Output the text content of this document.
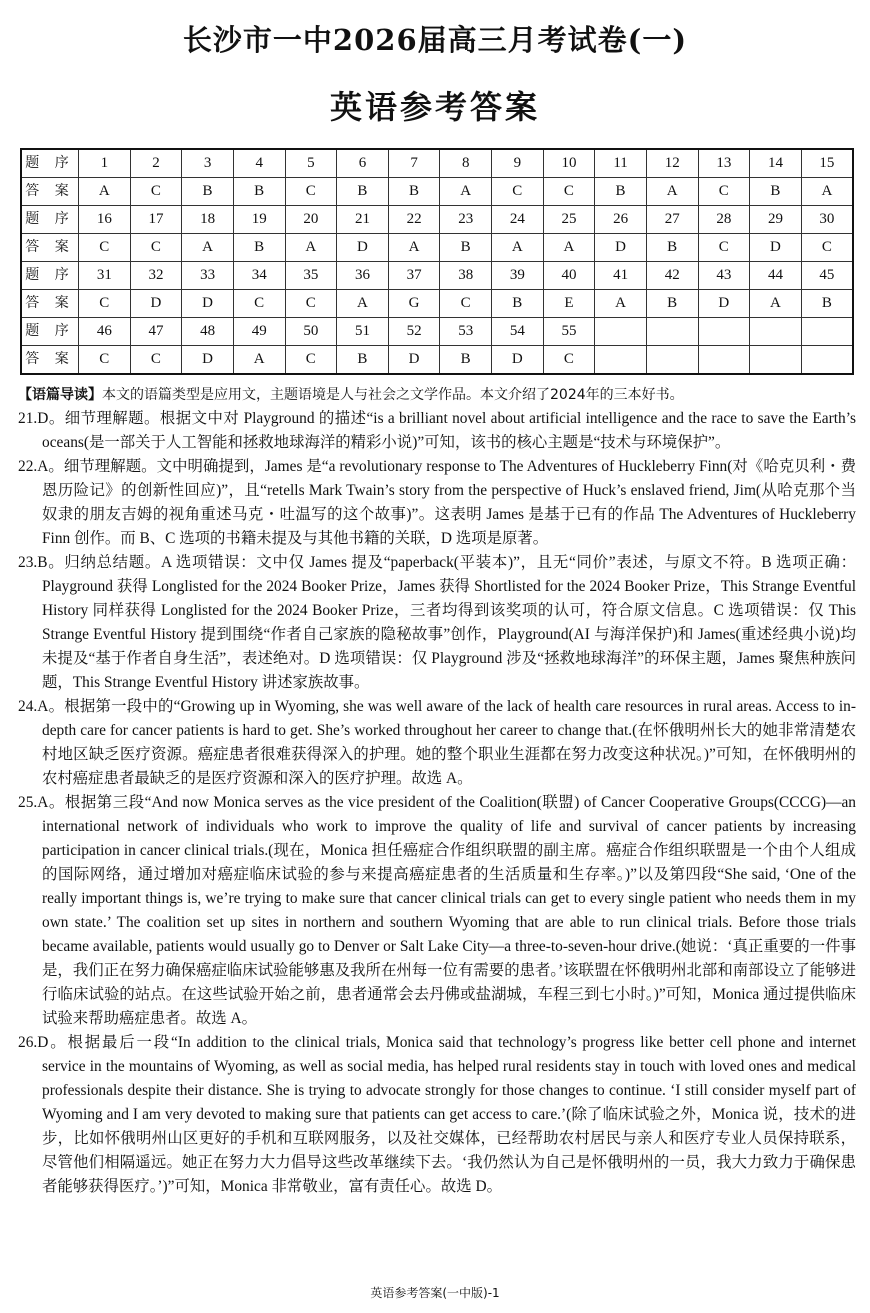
长沙市一中2026届高三月考试卷(一)
英语参考答案
题 序	1	2	3	4	5	6	7	8	9	10	11	12	13	14	15
答 案	A	C	B	B	C	B	B	A	C	C	B	A	C	B	A
题 序	16	17	18	19	20	21	22	23	24	25	26	27	28	29	30
答 案	C	C	A	B	A	D	A	B	A	A	D	B	C	D	C
题 序	31	32	33	34	35	36	37	38	39	40	41	42	43	44	45
答 案	C	D	D	C	C	A	G	C	B	E	A	B	D	A	B
题 序	46	47	48	49	50	51	52	53	54	55					
答 案	C	C	D	A	C	B	D	B	D	C					
【语篇导读】本文的语篇类型是应用文，主题语境是人与社会之文学作品。本文介绍了2024年的三本好书。

21.D。细节理解题。根据文中对 Playground 的描述“is a brilliant novel about artificial intelligence and the race to save the Earth’s oceans(是一部关于人工智能和拯救地球海洋的精彩小说)”可知，该书的核心主题是“技术与环境保护”。

22.A。细节理解题。文中明确提到，James 是“a revolutionary response to The Adventures of Huckleberry Finn(对《哈克贝利・费恩历险记》的创新性回应)”，且“retells Mark Twain’s story from the perspective of Huck’s enslaved friend, Jim(从哈克那个当奴隶的朋友吉姆的视角重述马克・吐温写的这个故事)”。这表明 James 是基于已有的作品 The Adventures of Huckleberry Finn 创作。而 B、C 选项的书籍未提及与其他书籍的关联，D 选项是原著。

23.B。归纳总结题。A 选项错误：文中仅 James 提及“paperback(平装本)”，且无“同价”表述，与原文不符。B 选项正确：Playground 获得 Longlisted for the 2024 Booker Prize，James 获得 Shortlisted for the 2024 Booker Prize，This Strange Eventful History 同样获得 Longlisted for the 2024 Booker Prize，三者均得到该奖项的认可，符合原文信息。C 选项错误：仅 This Strange Eventful History 提到围绕“作者自己家族的隐秘故事”创作，Playground(AI 与海洋保护)和 James(重述经典小说)均未提及“基于作者自身生活”，表述绝对。D 选项错误：仅 Playground 涉及“拯救地球海洋”的环保主题，James 聚焦种族问题，This Strange Eventful History 讲述家族故事。

24.A。根据第一段中的“Growing up in Wyoming, she was well aware of the lack of health care resources in rural areas. Access to in-depth care for cancer patients is hard to get. She’s worked throughout her career to change that.(在怀俄明州长大的她非常清楚农村地区缺乏医疗资源。癌症患者很难获得深入的护理。她的整个职业生涯都在努力改变这种状况。)”可知，在怀俄明州的农村癌症患者最缺乏的是医疗资源和深入的医疗护理。故选 A。

25.A。根据第三段“And now Monica serves as the vice president of the Coalition(联盟) of Cancer Cooperative Groups(CCCG)—an international network of individuals who work to improve the quality of life and survival of cancer patients by increasing participation in cancer clinical trials.(现在，Monica 担任癌症合作组织联盟的副主席。癌症合作组织联盟是一个由个人组成的国际网络，通过增加对癌症临床试验的参与来提高癌症患者的生活质量和生存率。)”以及第四段“She said, ‘One of the really important things is, we’re trying to make sure that cancer clinical trials can get to every single patient who needs them in my own state.’ The coalition set up sites in northern and southern Wyoming that are able to run clinical trials. Before those trials became available, patients would usually go to Denver or Salt Lake City—a three-to-seven-hour drive.(她说：‘真正重要的一件事是，我们正在努力确保癌症临床试验能够惠及我所在州每一位有需要的患者。’该联盟在怀俄明州北部和南部设立了能够进行临床试验的站点。在这些试验开始之前，患者通常会去丹佛或盐湖城，车程三到七小时。)”可知，Monica 通过提供临床试验来帮助癌症患者。故选 A。

26.D。根据最后一段“In addition to the clinical trials, Monica said that technology’s progress like better cell phone and internet service in the mountains of Wyoming, as well as social media, has helped rural residents stay in touch with loved ones and medical professionals despite their distance. She is trying to advocate strongly for those changes to continue. ‘I still consider myself part of Wyoming and I am very devoted to making sure that patients can get access to care.’(除了临床试验之外，Monica 说，技术的进步，比如怀俄明州山区更好的手机和互联网服务，以及社交媒体，已经帮助农村居民与亲人和医疗专业人员保持联系，尽管他们相隔遥远。她正在努力大力倡导这些改革继续下去。‘我仍然认为自己是怀俄明州的一员，我大力致力于确保患者能够获得医疗。’)”可知，Monica 非常敬业，富有责任心。故选 D。

英语参考答案(一中版)-1
